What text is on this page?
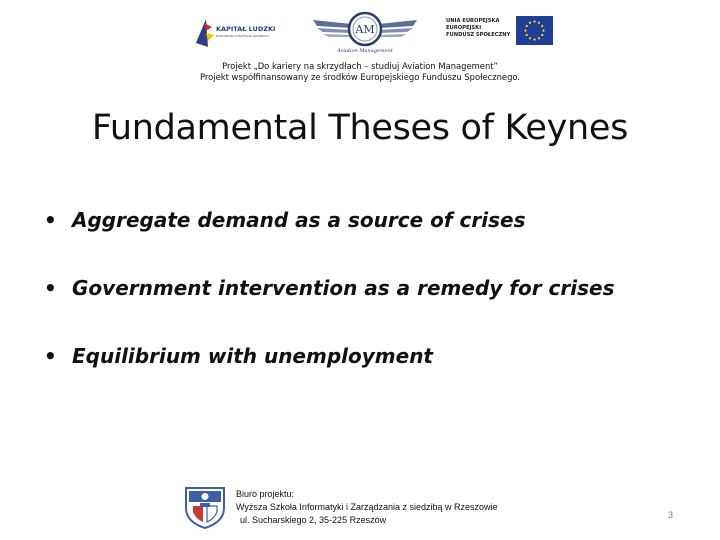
KAPITAŁ LUDZKI
NARODOWA STRATEGIA SPÓJNOŚCI	AM
Aviation Management
UNIA EUROPEJSKA
EUROPEJSKI
FUNDUSZ SPOŁECZNY
Projekt „Do kariery na skrzydłach – studiuj Aviation Management”
Projekt współfinansowany ze środków Europejskiego Funduszu Społecznego.
Fundamental Theses of Keynes
• Aggregate demand as a source of crises
• Government intervention as a remedy for crises
• Equilibrium with unemployment
Biuro projektu:
Wyższa Szkoła Informatyki i Zarządzania z siedzibą w Rzeszowie
ul. Sucharskiego 2, 35-225 Rzeszów	3
